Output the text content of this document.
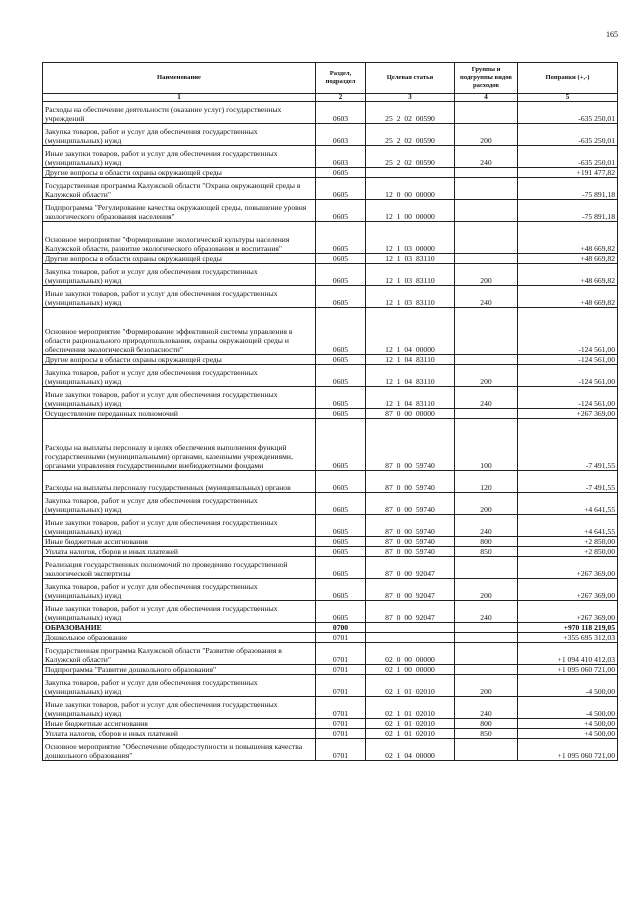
165
Наименование	Раздел, подраздел	Целевая статья	Группы и подгруппы видов расходов	Поправки (+,-)
1	2	3	4	5
Расходы на обеспечение деятельности (оказание услуг) государственных учреждений	0603	25 2 02 00590		-635 250,01
Закупка товаров, работ и услуг для обеспечения государственных (муниципальных) нужд	0603	25 2 02 00590	200	-635 250,01
Иные закупки товаров, работ и услуг для обеспечения государственных (муниципальных) нужд	0603	25 2 02 00590	240	-635 250,01
Другие вопросы в области охраны окружающей среды	0605			+191 477,82
Государственная программа Калужской области "Охрана окружающей среды в Калужской области"	0605	12 0 00 00000		-75 891,18
Подпрограмма "Регулирование качества окружающей среды, повышение уровня экологического образования населения"	0605	12 1 00 00000		-75 891,18
Основное мероприятие "Формирование экологической культуры населения Калужской области, развитие экологического образования и воспитания"	0605	12 1 03 00000		+48 669,82
Другие вопросы в области охраны окружающей среды	0605	12 1 03 83110		+48 669,82
Закупка товаров, работ и услуг для обеспечения государственных (муниципальных) нужд	0605	12 1 03 83110	200	+48 669,82
Иные закупки товаров, работ и услуг для обеспечения государственных (муниципальных) нужд	0605	12 1 03 83110	240	+48 669,82
Основное мероприятие "Формирование эффективной системы управления в области рационального природопользования, охраны окружающей среды и обеспечения экологической безопасности"	0605	12 1 04 00000		-124 561,00
Другие вопросы в области охраны окружающей среды	0605	12 1 04 83110		-124 561,00
Закупка товаров, работ и услуг для обеспечения государственных (муниципальных) нужд	0605	12 1 04 83110	200	-124 561,00
Иные закупки товаров, работ и услуг для обеспечения государственных (муниципальных) нужд	0605	12 1 04 83110	240	-124 561,00
Осуществление переданных полномочий	0605	87 0 00 00000		+267 369,00
Расходы на выплаты персоналу в целях обеспечения выполнения функций государственными (муниципальными) органами, казенными учреждениями, органами управления государственными внебюджетными фондами	0605	87 0 00 59740	100	-7 491,55
Расходы на выплаты персоналу государственных (муниципальных) органов	0605	87 0 00 59740	120	-7 491,55
Закупка товаров, работ и услуг для обеспечения государственных (муниципальных) нужд	0605	87 0 00 59740	200	+4 641,55
Иные закупки товаров, работ и услуг для обеспечения государственных (муниципальных) нужд	0605	87 0 00 59740	240	+4 641,55
Иные бюджетные ассигнования	0605	87 0 00 59740	800	+2 850,00
Уплата налогов, сборов и иных платежей	0605	87 0 00 59740	850	+2 850,00
Реализация государственных полномочий по проведению государственной экологической экспертизы	0605	87 0 00 92047		+267 369,00
Закупка товаров, работ и услуг для обеспечения государственных (муниципальных) нужд	0605	87 0 00 92047	200	+267 369,00
Иные закупки товаров, работ и услуг для обеспечения государственных (муниципальных) нужд	0605	87 0 00 92047	240	+267 369,00
ОБРАЗОВАНИЕ	0700			+970 118 219,05
Дошкольное образование	0701			+355 695 312,03
Государственная программа Калужской области "Развитие образования в Калужской области"	0701	02 0 00 00000		+1 094 410 412,03
Подпрограмма "Развитие дошкольного образования"	0701	02 1 00 00000		+1 095 060 721,00
Закупка товаров, работ и услуг для обеспечения государственных (муниципальных) нужд	0701	02 1 01 02010	200	-4 500,00
Иные закупки товаров, работ и услуг для обеспечения государственных (муниципальных) нужд	0701	02 1 01 02010	240	-4 500,00
Иные бюджетные ассигнования	0701	02 1 01 02010	800	+4 500,00
Уплата налогов, сборов и иных платежей	0701	02 1 01 02010	850	+4 500,00
Основное мероприятие "Обеспечение общедоступности и повышения качества дошкольного образования"	0701	02 1 04 00000		+1 095 060 721,00
